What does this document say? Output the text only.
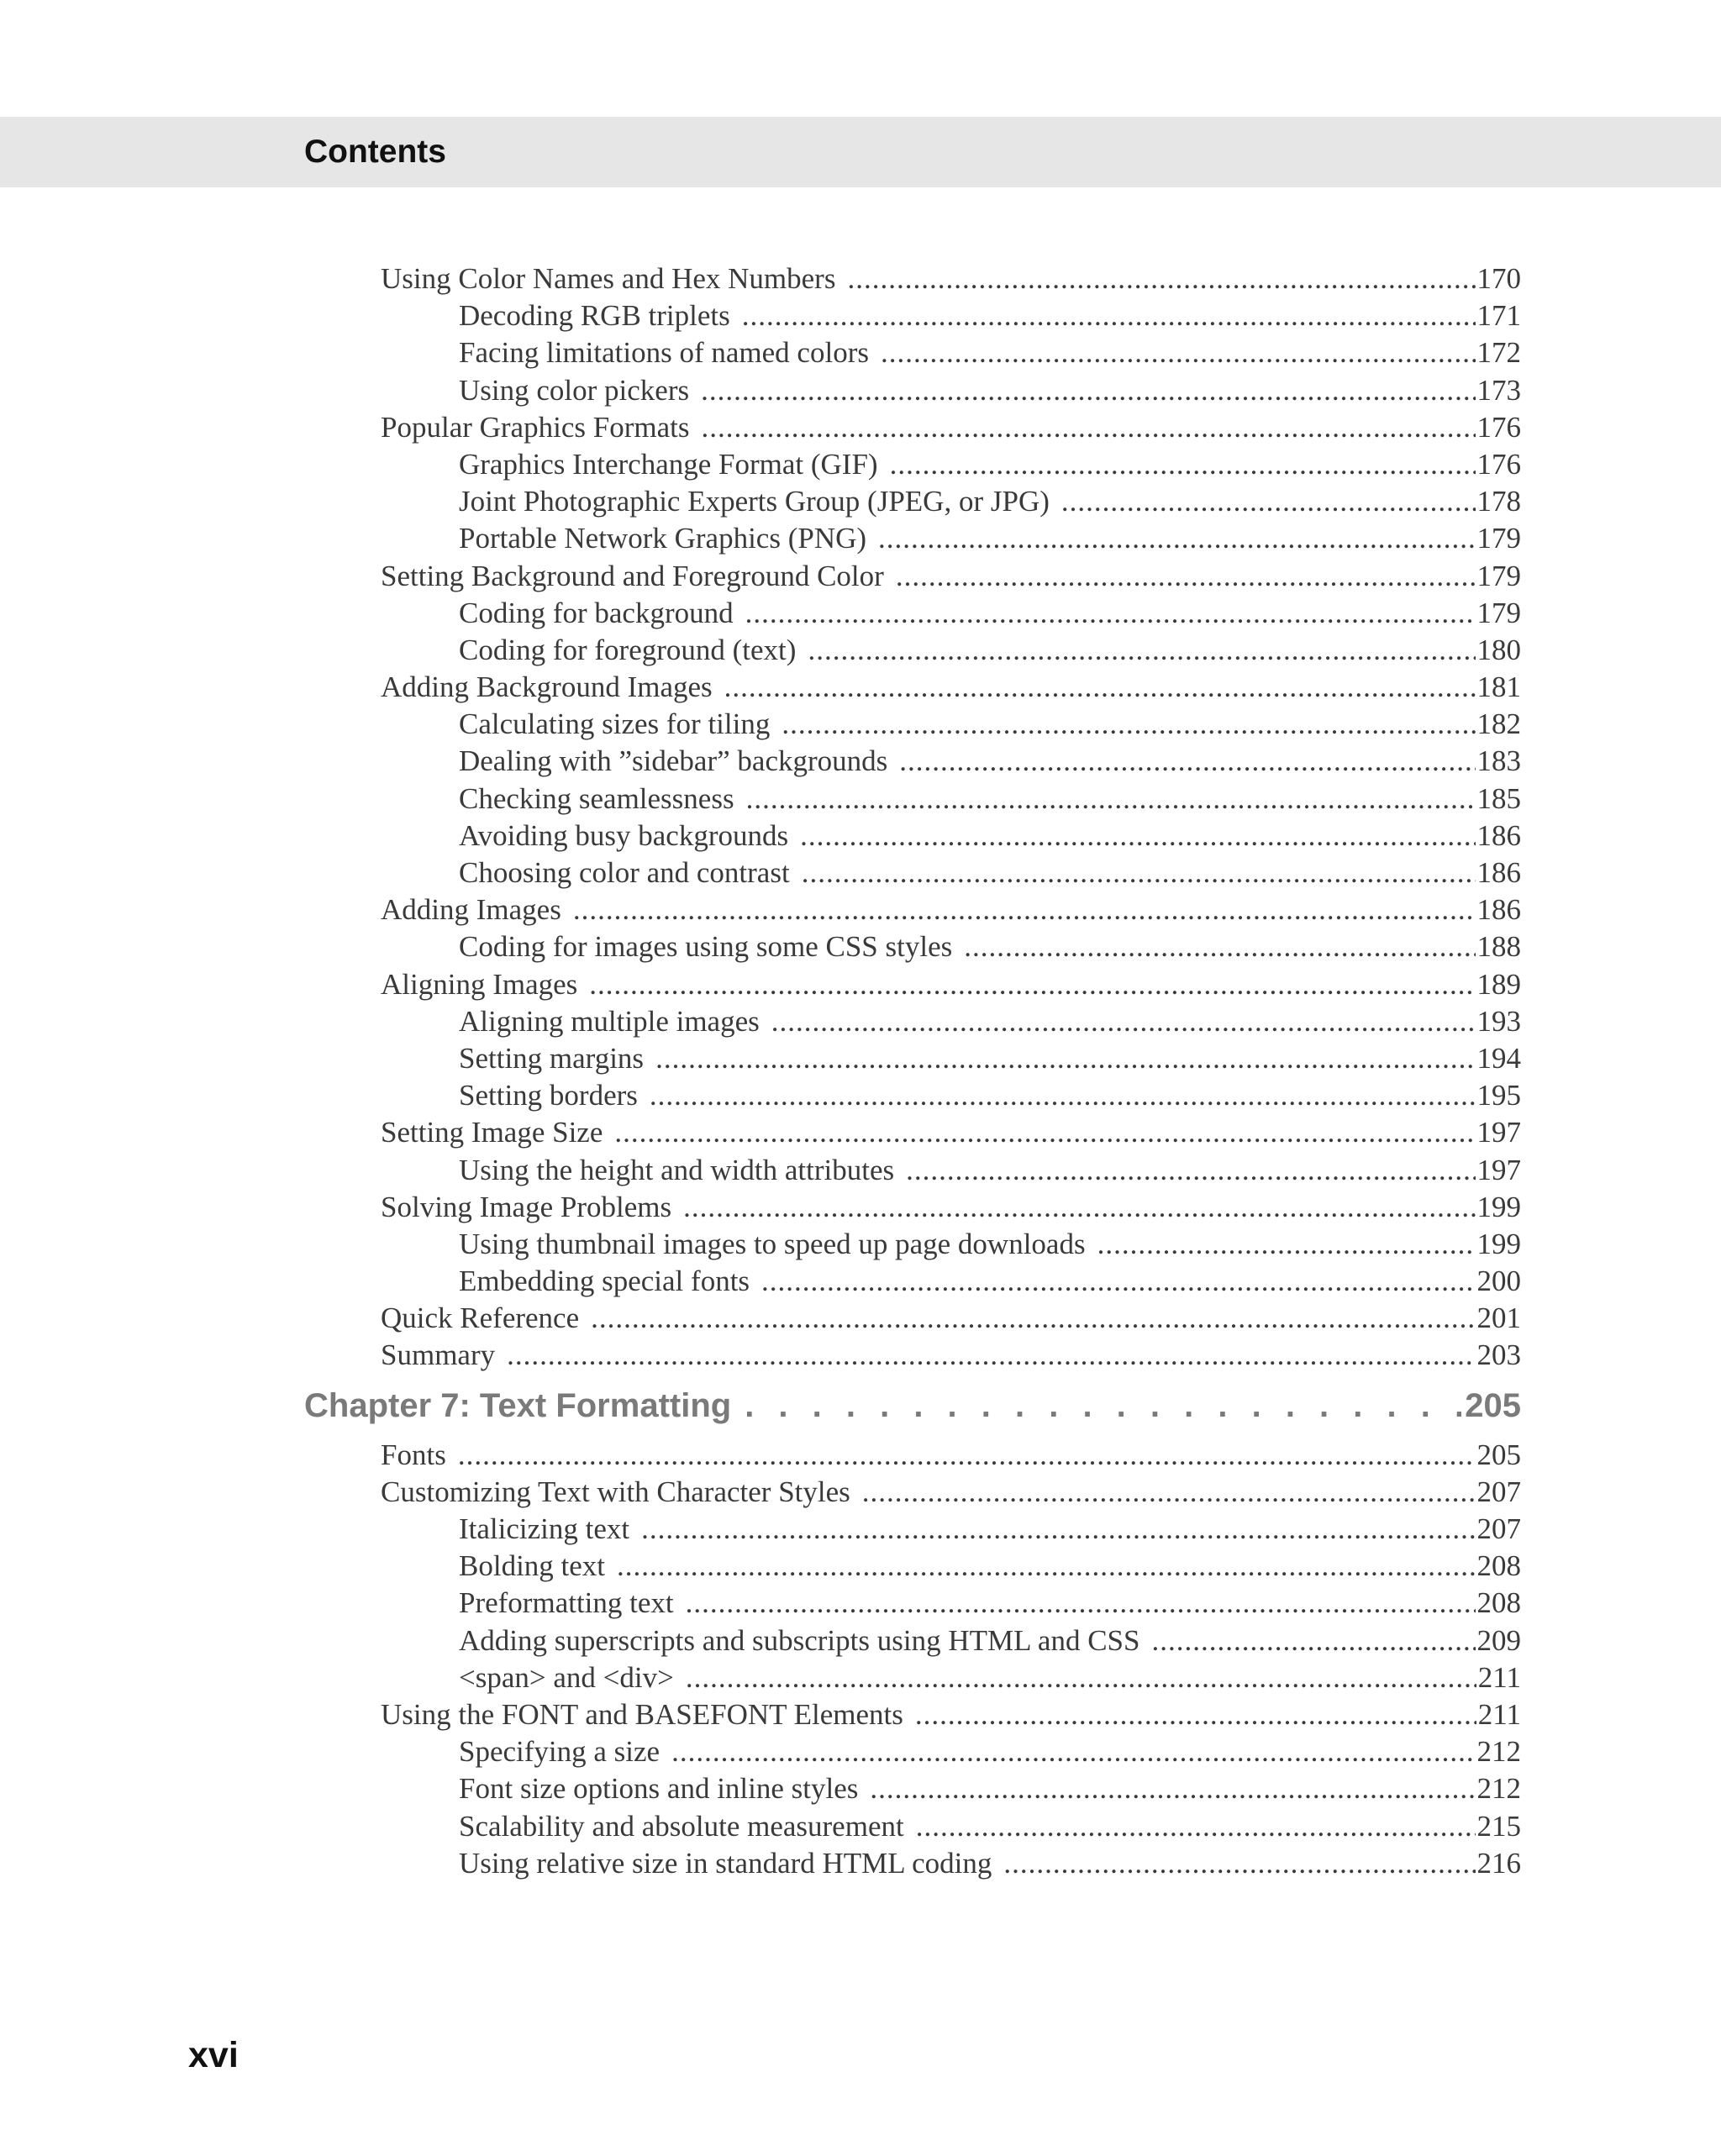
Contents
Using Color Names and Hex Numbers .....	170
Decoding RGB triplets .....	171
Facing limitations of named colors .....	172
Using color pickers .....	173
Popular Graphics Formats .....	176
Graphics Interchange Format (GIF) .....	176
Joint Photographic Experts Group (JPEG, or JPG) .....	178
Portable Network Graphics (PNG) .....	179
Setting Background and Foreground Color .....	179
Coding for background .....	179
Coding for foreground (text) .....	180
Adding Background Images .....	181
Calculating sizes for tiling .....	182
Dealing with ”sidebar” backgrounds .....	183
Checking seamlessness .....	185
Avoiding busy backgrounds .....	186
Choosing color and contrast .....	186
Adding Images .....	186
Coding for images using some CSS styles .....	188
Aligning Images .....	189
Aligning multiple images .....	193
Setting margins .....	194
Setting borders .....	195
Setting Image Size .....	197
Using the height and width attributes .....	197
Solving Image Problems .....	199
Using thumbnail images to speed up page downloads .....	199
Embedding special fonts .....	200
Quick Reference .....	201
Summary .....	203
Chapter 7: Text Formatting . . .	205
Fonts .....	205
Customizing Text with Character Styles .....	207
Italicizing text .....	207
Bolding text .....	208
Preformatting text .....	208
Adding superscripts and subscripts using HTML and CSS .....	209
<span> and <div> .....	211
Using the FONT and BASEFONT Elements .....	211
Specifying a size .....	212
Font size options and inline styles .....	212
Scalability and absolute measurement .....	215
Using relative size in standard HTML coding .....	216
xvi
